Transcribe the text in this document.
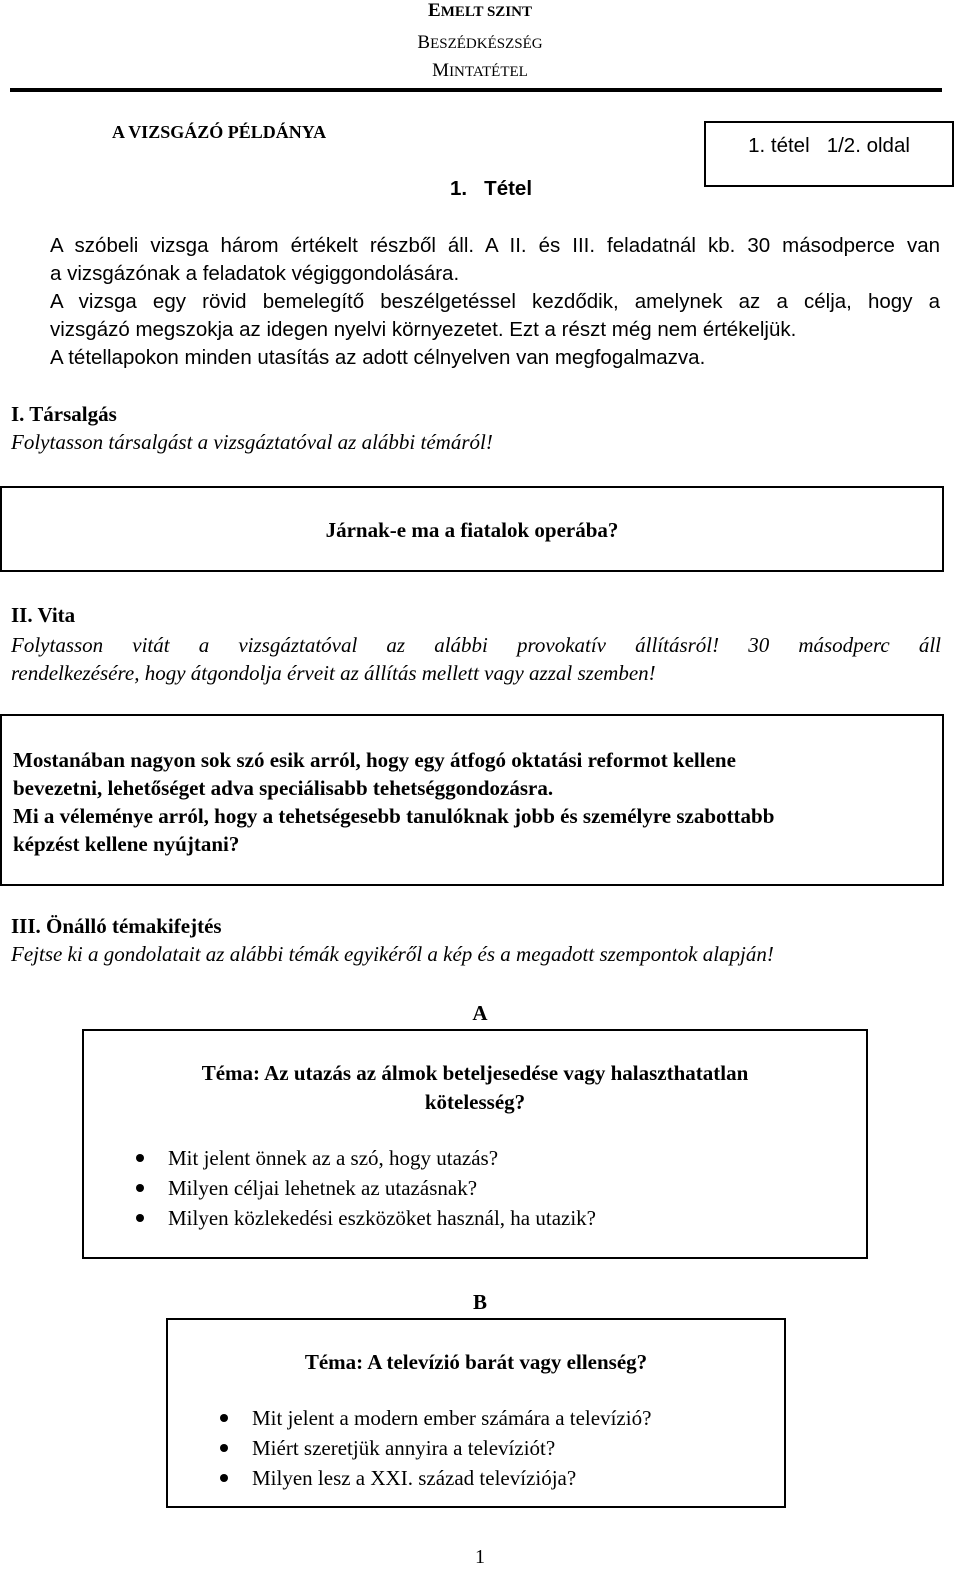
EMELT SZINT
BESZÉDKÉSZSÉG
MINTATÉTEL
A VIZSGÁZÓ PÉLDÁNYA
1. tétel   1/2. oldal
1.   Tétel
A szóbeli vizsga három értékelt részből áll. A II. és III. feladatnál kb. 30 másodperce van
a vizsgázónak a feladatok végiggondolására.
A vizsga egy rövid bemelegítő beszélgetéssel kezdődik, amelynek az a célja, hogy a
vizsgázó megszokja az idegen nyelvi környezetet. Ezt a részt még nem értékeljük.
A tétellapokon minden utasítás az adott célnyelven van megfogalmazva.
I. Társalgás
Folytasson társalgást a vizsgáztatóval az alábbi témáról!
Járnak-e ma a fiatalok operába?
II. Vita
Folytasson vitát a vizsgáztatóval az alábbi provokatív állításról! 30 másodperc áll
rendelkezésére, hogy átgondolja érveit az állítás mellett vagy azzal szemben!
Mostanában nagyon sok szó esik arról, hogy egy átfogó oktatási reformot kellene
bevezetni, lehetőséget adva speciálisabb tehetséggondozásra.
Mi a véleménye arról, hogy a tehetségesebb tanulóknak jobb és személyre szabottabb
képzést kellene nyújtani?
III. Önálló témakifejtés
Fejtse ki a gondolatait az alábbi témák egyikéről a kép és a megadott szempontok alapján!
A
Téma: Az utazás az álmok beteljesedése vagy halaszthatatlan
kötelesség?
Mit jelent önnek az a szó, hogy utazás?
Milyen céljai lehetnek az utazásnak?
Milyen közlekedési eszközöket használ, ha utazik?
B
Téma: A televízió barát vagy ellenség?
Mit jelent a modern ember számára a televízió?
Miért szeretjük annyira a televíziót?
Milyen lesz a XXI. század televíziója?
1
